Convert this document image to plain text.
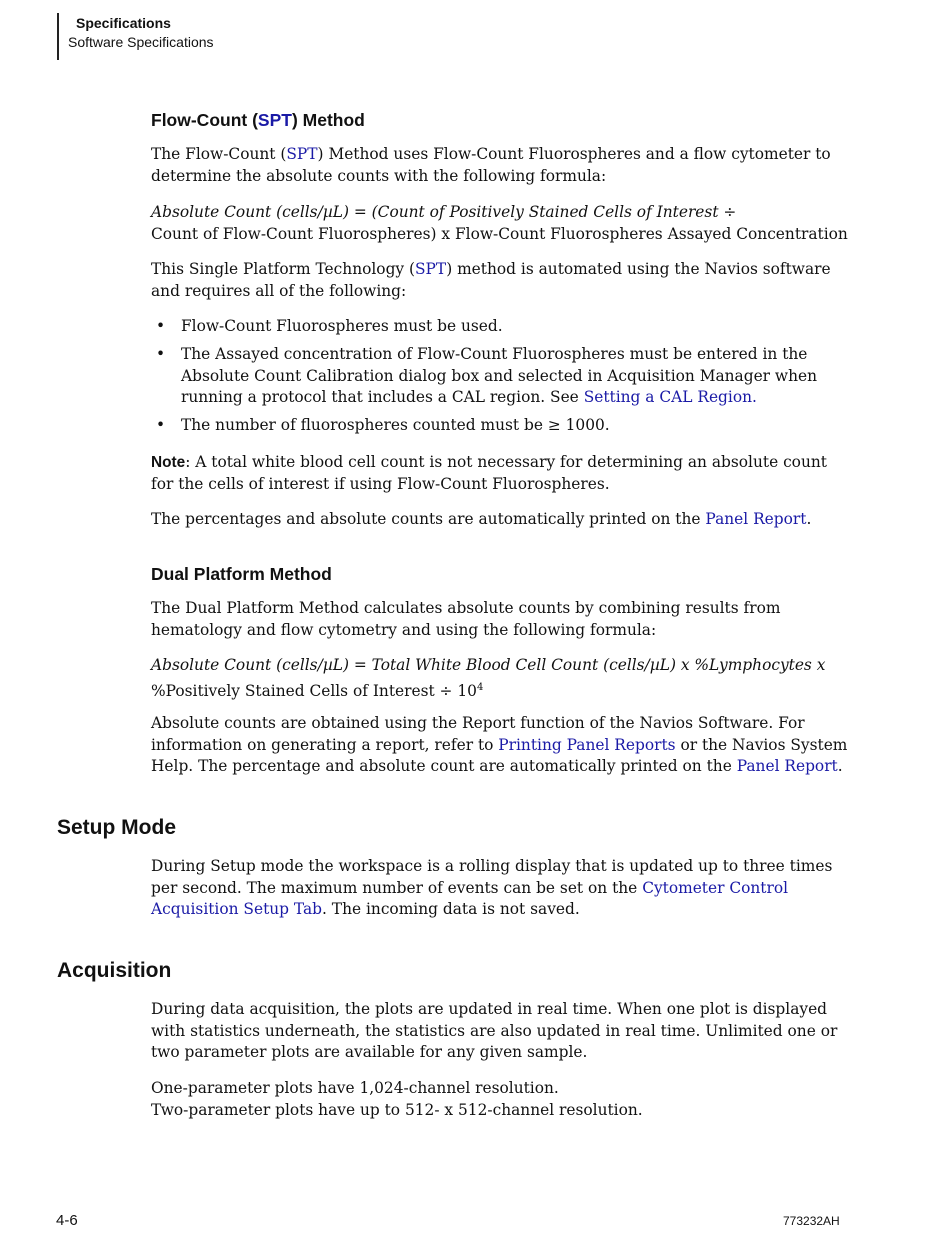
Specifications
Software Specifications
Flow-Count (SPT) Method

The Flow-Count (SPT) Method uses Flow-Count Fluorospheres and a flow cytometer to determine the absolute counts with the following formula:

Absolute Count (cells/µL) = (Count of Positively Stained Cells of Interest ÷
Count of Flow-Count Fluorospheres) x Flow-Count Fluorospheres Assayed Concentration

This Single Platform Technology (SPT) method is automated using the Navios software and requires all of the following:

• Flow-Count Fluorospheres must be used.
• The Assayed concentration of Flow-Count Fluorospheres must be entered in the Absolute Count Calibration dialog box and selected in Acquisition Manager when running a protocol that includes a CAL region. See Setting a CAL Region.
• The number of fluorospheres counted must be ≥ 1000.

Note: A total white blood cell count is not necessary for determining an absolute count for the cells of interest if using Flow-Count Fluorospheres.

The percentages and absolute counts are automatically printed on the Panel Report.

Dual Platform Method

The Dual Platform Method calculates absolute counts by combining results from hematology and flow cytometry and using the following formula:

Absolute Count (cells/µL) = Total White Blood Cell Count (cells/µL) x %Lymphocytes x
%Positively Stained Cells of Interest ÷ $10^4$

Absolute counts are obtained using the Report function of the Navios Software. For information on generating a report, refer to Printing Panel Reports or the Navios System Help. The percentage and absolute count are automatically printed on the Panel Report.

Setup Mode

During Setup mode the workspace is a rolling display that is updated up to three times per second. The maximum number of events can be set on the Cytometer Control Acquisition Setup Tab. The incoming data is not saved.

Acquisition

During data acquisition, the plots are updated in real time. When one plot is displayed with statistics underneath, the statistics are also updated in real time. Unlimited one or two parameter plots are available for any given sample.

One-parameter plots have 1,024-channel resolution.
Two-parameter plots have up to 512- x 512-channel resolution.

4-6	773232AH
